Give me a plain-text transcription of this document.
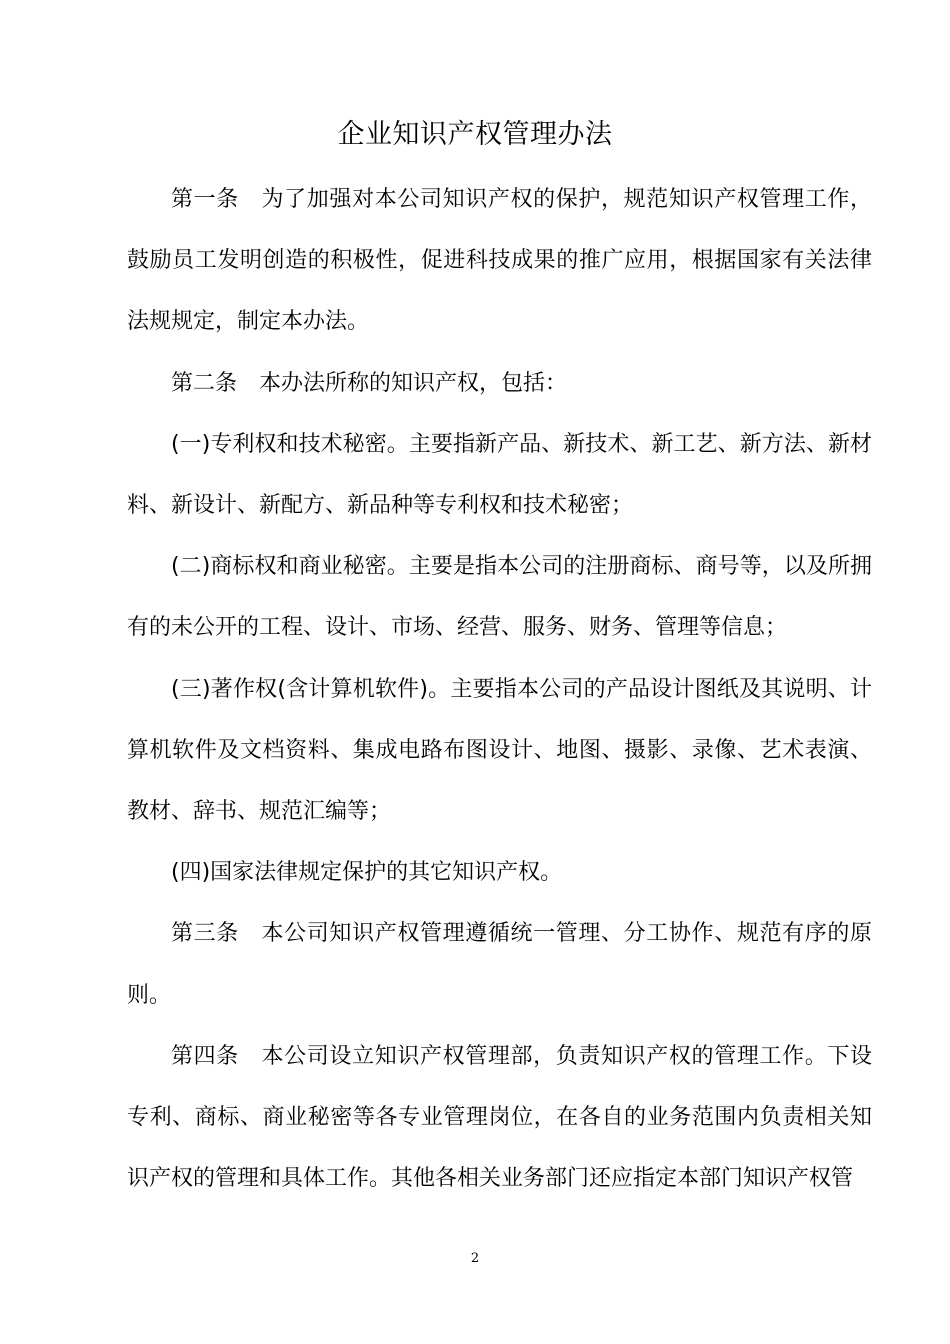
企业知识产权管理办法

第一条　为了加强对本公司知识产权的保护，规范知识产权管理工作，鼓励员工发明创造的积极性，促进科技成果的推广应用，根据国家有关法律法规规定，制定本办法。

第二条　本办法所称的知识产权，包括：

(一)专利权和技术秘密。主要指新产品、新技术、新工艺、新方法、新材料、新设计、新配方、新品种等专利权和技术秘密；

(二)商标权和商业秘密。主要是指本公司的注册商标、商号等，以及所拥有的未公开的工程、设计、市场、经营、服务、财务、管理等信息；

(三)著作权(含计算机软件)。主要指本公司的产品设计图纸及其说明、计算机软件及文档资料、集成电路布图设计、地图、摄影、录像、艺术表演、教材、辞书、规范汇编等；

(四)国家法律规定保护的其它知识产权。

第三条　本公司知识产权管理遵循统一管理、分工协作、规范有序的原则。

第四条　本公司设立知识产权管理部，负责知识产权的管理工作。下设专利、商标、商业秘密等各专业管理岗位，在各自的业务范围内负责相关知识产权的管理和具体工作。其他各相关业务部门还应指定本部门知识产权管

2
